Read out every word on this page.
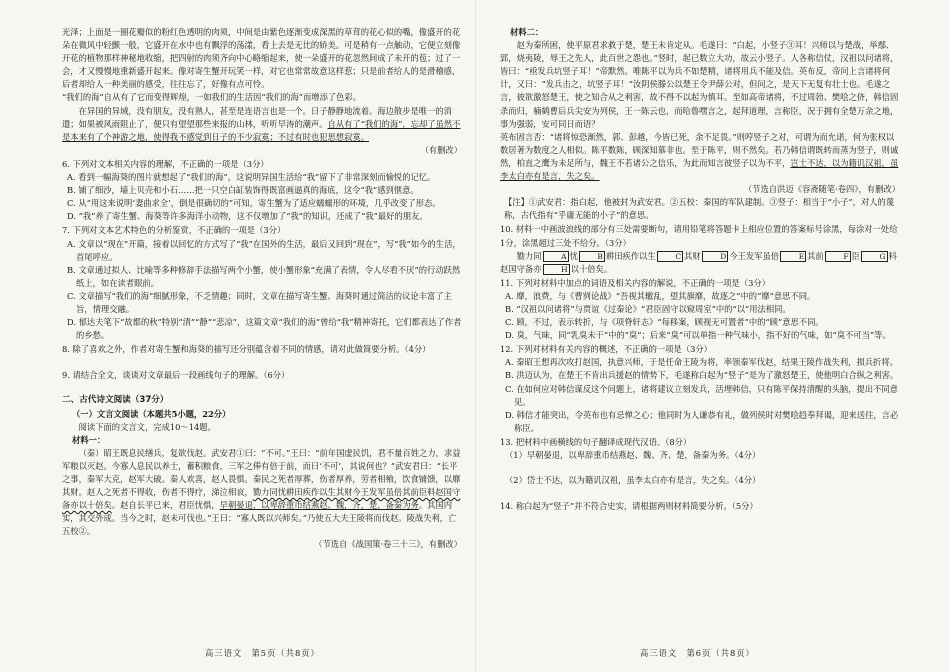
光泽；上面是一圈花瓣似的粉红色透明的肉须，中间是由紫色逐渐变成深黑的草茸的花心似的嘴，像盛开的花朵在微风中轻颤一般，它盛开在水中也有飘浮的荡漾，看上去是无比的娇美。可是稍有一点触动，它便立刻像开花的植物那样神秘地收缩，把四射的肉须齐向中心略缩起来，使一朵盛开的花忽然间成了未开的苞；过了一会，才又慢慢地重新盛开起来。像对寄生蟹开玩笑一样，对它也常常故意这样惹；只是前者给人的是滑稽感，后者却给人一种美丽的感受，往往忘了，好像有点可怜。

“我们的海”自从有了它而变得辉煌，一如我们的生活因“我们的海”而增添了色彩。

在异国的异域，没有朋友，没有熟人，甚至是连语言也是一个。日子静静地流着。海边散步是唯一的消遣；如果被风雨阻止了，便只有望望那些来报的山林，听听早涛的潮声。自从有了“我们的海”，忘却了虽然不是本来有了个神游之地，使得我不感觉到日子的不少寂寞；不过有时也犯思想寂寞。

（有删改）

6. 下列对文本相关内容的理解，不正确的一项是（3分）

A. 看到一幅海葵的图片就想起了“我们的海”，这说明异国生活给“我”留下了非常深刻而愉悦的记忆。

B. 铺了细沙，墙上贝壳和小石……把一只空白缸装饰得既富画逼真的海底，这令“我”感到惬意。

C. 从“用这来说明‘妻曲求全’，倒是很确切的”可知，寄生蟹为了适应蠕蠕形的环境，几乎改变了形态。

D. “我”养了寄生蟹、海葵等许多海洋小动物，这不仅增加了“我”的知识，还成了“我”最好的朋友。

7. 下列对文本艺术特色的分析鉴赏，不正确的一项是（3分）

A. 文章以“现在”开篇，接着以回忆的方式写了“我”在国外的生活，最后又回到“现在”，写“我”如今的生活，首尾呼应。

B. 文章通过拟人、比喻等多种修辞手法描写两个小蟹，使小蟹形象“充满了表情，令人尽看不厌”的行动跃然纸上，如在读者眼前。

C. 文章描写“我们的海”细腻形象，不乏情趣；同时，文章在描写寄生蟹、海葵时通过简洁的议论丰富了主旨，情理交融。

D. 郁达夫笔下“故都的秋”特别“清”“静”“悲凉”，这篇文章“我们的海”曾给“我”精神寄托，它们都表达了作者的乡愁。

8. 除了喜欢之外，作者对寄生蟹和海葵的描写还分别蕴含着不同的情感，请对此做简要分析。（4分）

9. 请结合全文，谈谈对文章最后一段画线句子的理解。（6分）

二、古代诗文阅读（37分）

（一）文言文阅读（本题共5小题，22分）

阅读下面的文言文，完成10～14题。

材料一：

（秦）昭王既息民缮兵，复欲伐赵。武安君①曰：“不可。”王曰：“前年国虚民饥，君不量百姓之力，求益军粮以灭赵。今寡人息民以养士，蓄积粮食，三军之俸有倍于前，而曰‘不可’，其说何也？”武安君曰：“长平之事，秦军大克，赵军大破。秦人欢喜，赵人畏惧。秦民之死者厚葬，伤者厚养，劳者相飨，饮食铺馈，以靡其财。赵人之死者不得收，伤者不得疗，涕泣相哀，勠力同忧耕田疾作以生其财今王发军虽倍其前臣料赵国守备亦以十倍矣。赵自长平已来，君臣忧惧，早朝晏退，以卑辞重币结燕赵、魏，齐，楚，备秦为务。其国内实，其交外成。当今之时，赵未可伐也。”王曰：“寡人既以兴师矣。”乃使五大夫王陵将而伐赵。陵战失利，亡五校②。

（节选自《战国策·卷三十三》，有删改）

材料二：

赵为秦所困，使平原君求救于楚，楚王未肯定从。毛遂曰：“白起，小竖子③耳！兴师以与楚战，举鄢、郢，烧夷陵，辱王之先人，此百世之怨也。”竖时，起已数立大功，故云小竖子。人各称信仗，汉祖以问诸将，皆曰：“亟发兵坑竖子耳！”帝默然。唯陈平以为兵不如楚精，诸将用兵不能及信。英布反，帝问上言诸将何计，又曰：“发兵击之，坑竖子耳！”汝阴侯滕公以楚王令尹薛公对，但问之，是天下无复有壮士也。毛遂之言，彼欲激怒楚王，使之知合从之利害，故不得不以起为慎耳。至如高帝诸将，不过周勃、樊哙之侪，韩信固杀而归，楠鹤曹后兵尖安为列侯，王一陈云也，而哈鲁嘿言之，起拜道理，言称臣，况于拥有全楚万余之地，事为强弱，安可同日而语？

英布固言否：“诸将惊恐渐然，郭、彭越，今皆已死，余不足畏。”则哼竖子之对，可谓为而允诺，何为张权以数居著为数度之人相似。陈平数陈，顾深知慕非也。至于陈平，则不然矣。若乃韩信谓既转而蒸为竖子，则诚然，柏直之鹰为未足所与，魏王不若诸公之信乐，为此而知言彼竖子以为不平，岂士不达，以为籍讥汉祖，虽李太白亦有是言，失之矣。

（节选自洪迈《容斋随笔·卷四》，有删改）

【注】①武安君：指白起，他被封为武安君。②五校：秦国的军队建制。③竖子：相当于“小子”，对人的蔑称，古代指有“乎庸无能的小子”的意思。

10. 材料一中画波浪线的部分有三处需要断句，请用铅笔将答题卡上相应位置的答案标号涂黑，每涂对一处给1分，涂黑超过三处不给分。（3分）

勠力同	A 忧	B 耕田疾作以生	C 其财	D 今王发军虽倍	E 其前	F 臣	G 料赵国守备亦	H 以十倍矣。

11. 下列对材料中加点的词语及相关内容的解说，不正确的一项是（3分）

A. 靡，浪费，与《曹刿论战》“吾视其辙乱，望其旗靡，故逐之”中的“靡”意思不同。

B. “汉祖以问诸将”与贾谊《过秦论》“君臣固守以窥周室”中的“以”用法相同。

C. 顾，不过，表示转折，与《项脊轩志》“每移案，顾视无可置者”中的“顾”意思不同。

D. 臭，气味，同“乳臭未干”中的“臭”；后来“臭”可以单指一种气味小，指不好的气味，如“臭不可当”等。

12. 下列对材料有关内容的概述，不正确的一项是（3分）

A. 秦昭王想再次攻打赵国，执意兴师，于是任命王陵为将，率领秦军伐赵，结果王陵作战失利，损兵折将。

B. 洪迈认为，在楚王不肯出兵援赵的情势下，毛遂称白起为“竖子”是为了激怒楚王，使他明白合纵之利害。

C. 在如何应对韩信谋反这个问题上，诸将建议立刻发兵，活埋韩信，只有陈平保持清醒的头脑，提出不同意见。

D. 韩信才能突出，令英布也有忌惮之心；他同时为人谦恭有礼，做列侯时对樊哙趋奉拜谒，迎来送往，言必称臣。

13. 把材料中画横线的句子翻译成现代汉语。（8分）

（1）早朝晏退，以卑辞重币结燕赵、魏、齐、楚，备秦为务。（4分）

（2）岱士不达，以为籍讥汉祖，虽李太白亦有是言，失之矣。（4分）

14. 称白起为“竖子”并不符合史实，请根据两则材料简要分析。（5分）

高三语文　第5页（共8页）	高三语文　第6页（共8页）
